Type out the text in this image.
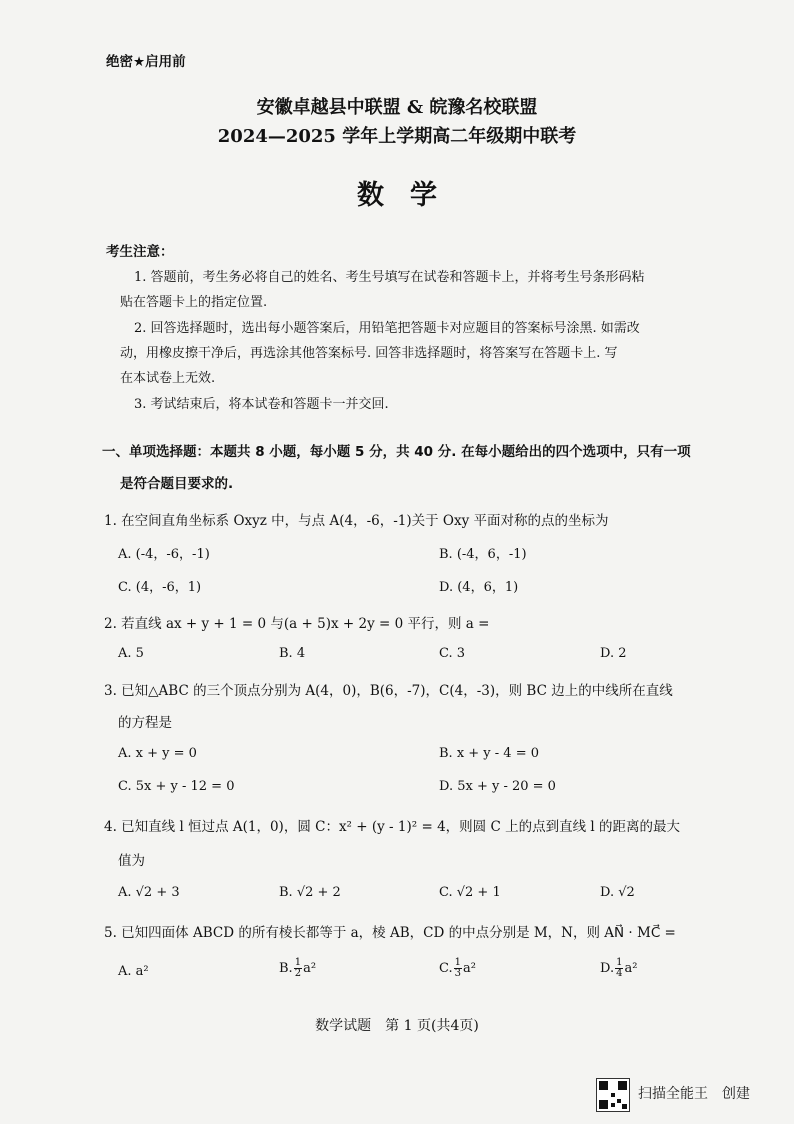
绝密★启用前
安徽卓越县中联盟 & 皖豫名校联盟
2024—2025 学年上学期高二年级期中联考
数学
考生注意：
1. 答题前，考生务必将自己的姓名、考生号填写在试卷和答题卡上，并将考生号条形码粘
贴在答题卡上的指定位置.
2. 回答选择题时，选出每小题答案后，用铅笔把答题卡对应题目的答案标号涂黑. 如需改
动，用橡皮擦干净后，再选涂其他答案标号. 回答非选择题时，将答案写在答题卡上. 写
在本试卷上无效.
3. 考试结束后，将本试卷和答题卡一并交回.
一、单项选择题：本题共 8 小题，每小题 5 分，共 40 分. 在每小题给出的四个选项中，只有一项
是符合题目要求的.
1. 在空间直角坐标系 Oxyz 中，与点 A(4，-6，-1)关于 Oxy 平面对称的点的坐标为
A. (-4，-6，-1)	B. (-4，6，-1)
C. (4，-6，1)	D. (4，6，1)
2. 若直线 ax + y + 1 = 0 与(a + 5)x + 2y = 0 平行，则 a =
A. 5	B. 4	C. 3	D. 2
3. 已知△ABC 的三个顶点分别为 A(4，0)，B(6，-7)，C(4，-3)，则 BC 边上的中线所在直线
的方程是
A. x + y = 0	B. x + y - 4 = 0
C. 5x + y - 12 = 0	D. 5x + y - 20 = 0
4. 已知直线 l 恒过点 A(1，0)，圆 C：x² + (y - 1)² = 4，则圆 C 上的点到直线 l 的距离的最大
值为
A. √2 + 3	B. √2 + 2	C. √2 + 1	D. √2
5. 已知四面体 ABCD 的所有棱长都等于 a，棱 AB，CD 的中点分别是 M，N，则 AN⃗ · MC⃗ =
A. a²	B. $\frac{1}{2} a^2$	C. $\frac{1}{3} a^2$	D. $\frac{1}{4} a^2$
数学试题　第 1 页(共4页)
扫描全能王　创建
